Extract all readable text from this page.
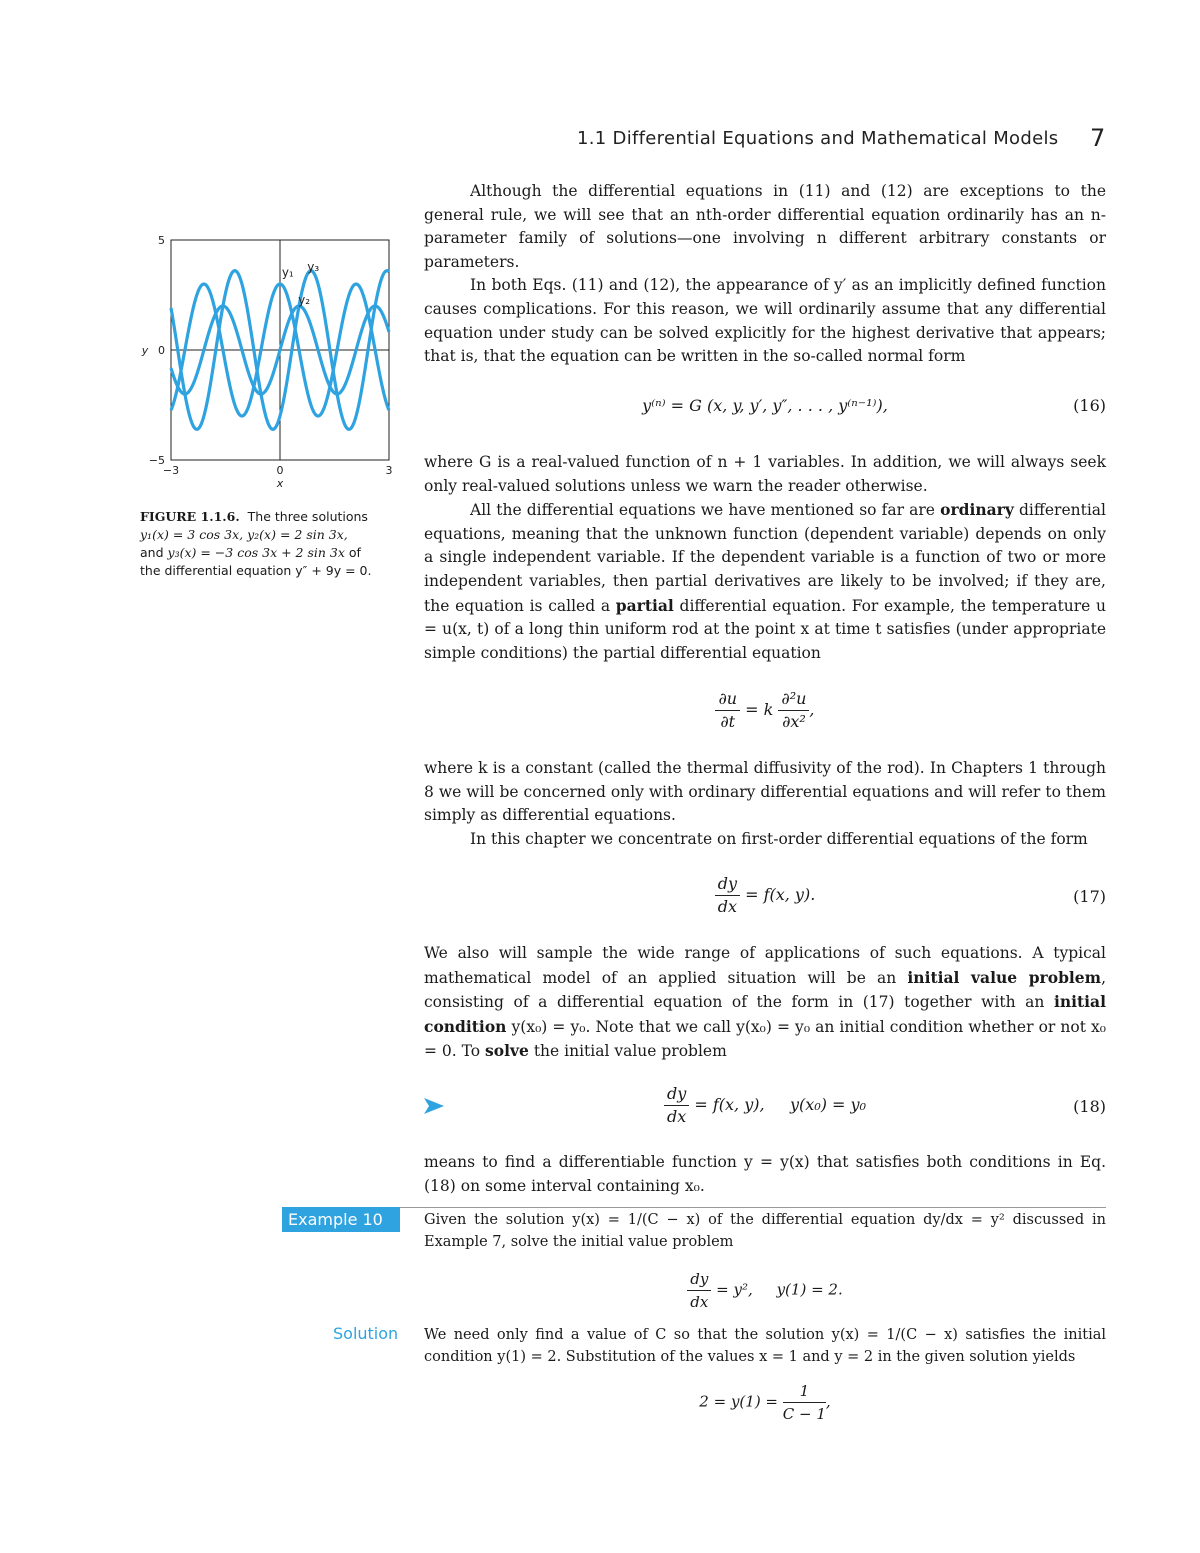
1.1 Differential Equations and Mathematical Models 7
y₁
y₂
y₃
−3	0	3
5
0
−5
x
y
FIGURE 1.1.6. The three solutions
y₁(x) = 3 cos 3x, y₂(x) = 2 sin 3x,
and y₃(x) = −3 cos 3x + 2 sin 3x of
the differential equation y″ + 9y = 0.

Although the differential equations in (11) and (12) are exceptions to the general rule, we will see that an nth-order differential equation ordinarily has an n-parameter family of solutions—one involving n different arbitrary constants or parameters.

In both Eqs. (11) and (12), the appearance of y′ as an implicitly defined function causes complications. For this reason, we will ordinarily assume that any differential equation under study can be solved explicitly for the highest derivative that appears; that is, that the equation can be written in the so-called normal form

y⁽ⁿ⁾ = G (x, y, y′, y″, . . . , y⁽ⁿ⁻¹⁾),	(16)

where G is a real-valued function of n + 1 variables. In addition, we will always seek only real-valued solutions unless we warn the reader otherwise.

All the differential equations we have mentioned so far are ordinary differential equations, meaning that the unknown function (dependent variable) depends on only a single independent variable. If the dependent variable is a function of two or more independent variables, then partial derivatives are likely to be involved; if they are, the equation is called a partial differential equation. For example, the temperature u = u(x, t) of a long thin uniform rod at the point x at time t satisfies (under appropriate simple conditions) the partial differential equation

$\frac{\partial u}{\partial t} = k \frac{\text{∂²u}}{\text{∂x²}}$ ,

where k is a constant (called the thermal diffusivity of the rod). In Chapters 1 through 8 we will be concerned only with ordinary differential equations and will refer to them simply as differential equations.

In this chapter we concentrate on first-order differential equations of the form

$\frac{dy}{dx} = f(x$, y).	(17)

We also will sample the wide range of applications of such equations. A typical mathematical model of an applied situation will be an initial value problem, consisting of a differential equation of the form in (17) together with an initial condition y(x₀) = y₀. Note that we call y(x₀) = y₀ an initial condition whether or not x₀ = 0. To solve the initial value problem

$\frac{dy}{dx} = f(x$, y),     y(x₀) = y₀	(18)

means to find a differentiable function y = y(x) that satisfies both conditions in Eq. (18) on some interval containing x₀.

Example 10	Given the solution y(x) = 1/(C − x) of the differential equation dy/dx = y² discussed in Example 7, solve the initial value problem

$\frac{dy}{dx} = y^2$,     y(1) = 2.
Solution We need only find a value of C so that the solution y(x) = 1/(C − x) satisfies the initial condition y(1) = 2. Substitution of the values x = 1 and y = 2 in the given solution yields

$2 = y(1) = \frac{1}{C - 1}$ ,
